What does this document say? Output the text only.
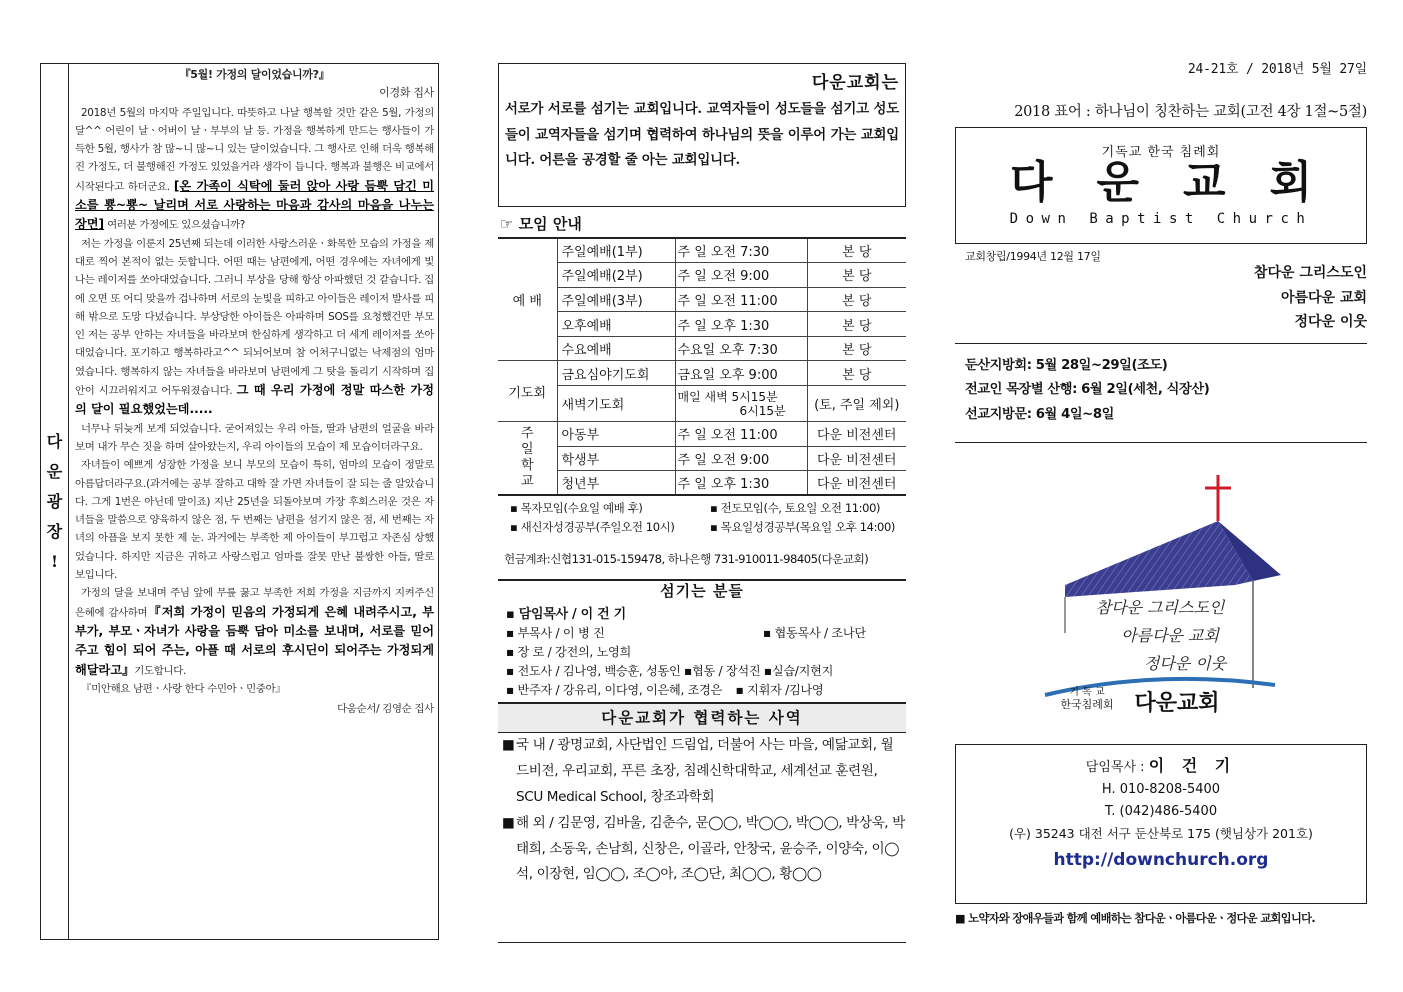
다
운
광
장
!
『5월! 가정의 달이었습니까?』
이경화 집사

2018년 5월의 마지막 주일입니다. 따뜻하고 나날 행복할 것만 같은 5월, 가정의 달^^ 어린이 날ㆍ어버이 날ㆍ부부의 날 등. 가정을 행복하게 만드는 행사들이 가득한 5월, 행사가 참 많~니 많~니 있는 달이었습니다. 그 행사로 인해 더욱 행복해진 가정도, 더 불행해진 가정도 있었을거라 생각이 듭니다. 행복과 불행은 비교에서 시작된다고 하더군요. [온 가족이 식탁에 둘러 앉아 사랑 듬뿍 담긴 미소를 뿅~뿅~ 날리며 서로 사랑하는 마음과 감사의 마음을 나누는 장면] 여러분 가정에도 있으셨습니까?

저는 가정을 이룬지 25년째 되는데 이러한 사랑스러운ㆍ화목한 모습의 가정을 제대로 찍어 본적이 없는 듯합니다. 어떤 때는 남편에게, 어떤 경우에는 자녀에게 빛나는 레이저를 쏘아대었습니다. 그러니 부상을 당해 항상 아파했던 것 같습니다. 집에 오면 또 어디 맞을까 겁나하며 서로의 눈빛을 피하고 아이들은 레이저 발사를 피해 밖으로 도망 다녔습니다. 부상당한 아이들은 아파하며 SOS를 요청했건만 부모인 저는 공부 안하는 자녀들을 바라보며 한심하게 생각하고 더 세게 레이저를 쏘아대었습니다. 포기하고 행복하라고^^ 되뇌어보며 참 어처구니없는 낙제점의 엄마였습니다. 행복하지 않는 자녀들을 바라보며 남편에게 그 탓을 돌리기 시작하며 집안이 시끄러워지고 어두워졌습니다. 그 때 우리 가정에 정말 따스한 가정의 달이 필요했었는데.....

너무나 뒤늦게 보게 되었습니다. 굳어져있는 우리 아들, 딸과 남편의 얼굴을 바라보며 내가 무슨 짓을 하며 살아왔는지, 우리 아이들의 모습이 제 모습이더라구요.

자녀들이 예쁘게 성장한 가정을 보니 부모의 모습이 특히, 엄마의 모습이 정말로 아름답더라구요.(과거에는 공부 잘하고 대학 잘 가면 자녀들이 잘 되는 줄 알았습니다. 그게 1번은 아닌데 말이죠) 지난 25년을 되돌아보며 가장 후회스러운 것은 자녀들을 말씀으로 양육하지 않은 점, 두 번째는 남편을 섬기지 않은 점, 세 번째는 자녀의 아픔을 보지 못한 제 눈. 과거에는 부족한 제 아이들이 부끄럽고 자존심 상했었습니다. 하지만 지금은 귀하고 사랑스럽고 엄마를 잘못 만난 불쌍한 아들, 딸로 보입니다.

가정의 달을 보내며 주님 앞에 무릎 꿇고 부족한 저희 가정을 지금까지 지켜주신 은혜에 감사하며『저희 가정이 믿음의 가정되게 은혜 내려주시고, 부부가, 부모ㆍ자녀가 사랑을 듬뿍 담아 미소를 보내며, 서로를 믿어주고 힘이 되어 주는, 아플 때 서로의 후시딘이 되어주는 가정되게 해달라고』기도합니다.

『미안해요 남편ㆍ사랑 한다 수민아ㆍ민중아』

다움순서/ 김영순 집사
다운교회는
서로가 서로를 섬기는 교회입니다. 교역자들이 성도들을 섬기고 성도들이 교역자들을 섬기며 협력하여 하나님의 뜻을 이루어 가는 교회입니다. 어른을 공경할 줄 아는 교회입니다.
☞ 모임 안내
예 배	주일예배(1부)	주 일 오전 7:30	본 당
	주일예배(2부)	주 일 오전 9:00	본 당
	주일예배(3부)	주 일 오전 11:00	본 당
	오후예배	주 일 오후 1:30	본 당
	수요예배	수요일 오후 7:30	본 당
기도회	금요심야기도회	금요일 오후 9:00	본 당
	새벽기도회	매일 새벽 5시15분
6시15분	(토, 주일 제외)
주 일 학 교	아동부	주 일 오전 11:00	다운 비전센터
	학생부	주 일 오전 9:00	다운 비전센터
	청년부	주 일 오후 1:30	다운 비전센터
▪ 목자모임(수요일 예배 후)	▪ 전도모임(수, 토요일 오전 11:00)
▪ 새신자성경공부(주일오전 10시)	▪ 목요일성경공부(목요일 오후 14:00)
헌금계좌:신협131-015-159478, 하나은행 731-910011-98405(다운교회)
섬기는 분들
▪ 담임목사 / 이 건 기
▪ 부목사 / 이 병 진	▪ 협동목사 / 조나단
▪ 장 로 / 강전의, 노영희
▪ 전도사 / 김나영, 백승훈, 성동인 ▪협동 / 장석진 ▪실습/지현지
▪ 반주자 / 강유리, 이다영, 이은혜, 조경은 ▪ 지휘자 /김나영
다운교회가 협력하는 사역
■ 국 내 / 광명교회, 사단법인 드림업, 더불어 사는 마을, 예닮교회, 월드비전, 우리교회, 푸른 초장, 침례신학대학교, 세계선교 훈련원, SCU Medical School, 창조과학회
■ 해 외 / 김문영, 김바울, 김춘수, 문◯◯, 박◯◯, 박◯◯, 박상욱, 박태희, 소동욱, 손남희, 신창은, 이골라, 안창국, 윤승주, 이양숙, 이◯석, 이장현, 임◯◯, 조◯아, 조◯단, 최◯◯, 황◯◯
24-21호 / 2018년 5월 27일
2018 표어 : 하나님이 칭찬하는 교회(고전 4장 1절~5절)
기독교 한국 침례회
다운교회
Down Baptist Church
교회창립/1994년 12월 17일
참다운 그리스도인
아름다운 교회
정다운 이웃
둔산지방회: 5월 28일~29일(조도)
전교인 목장별 산행: 6월 2일(세천, 식장산)
선교지방문: 6월 4일~8일
참다운 그리스도인
아름다운 교회
정다운 이웃
기 독 교
한국침례회 다운교회
담임목사 : 이 건 기
H. 010-8208-5400
T. (042)486-5400
(우) 35243 대전 서구 둔산북로 175 (햇님상가 201호)
http://downchurch.org
■ 노약자와 장애우들과 함께 예배하는 참다운ㆍ아름다운ㆍ정다운 교회입니다.
